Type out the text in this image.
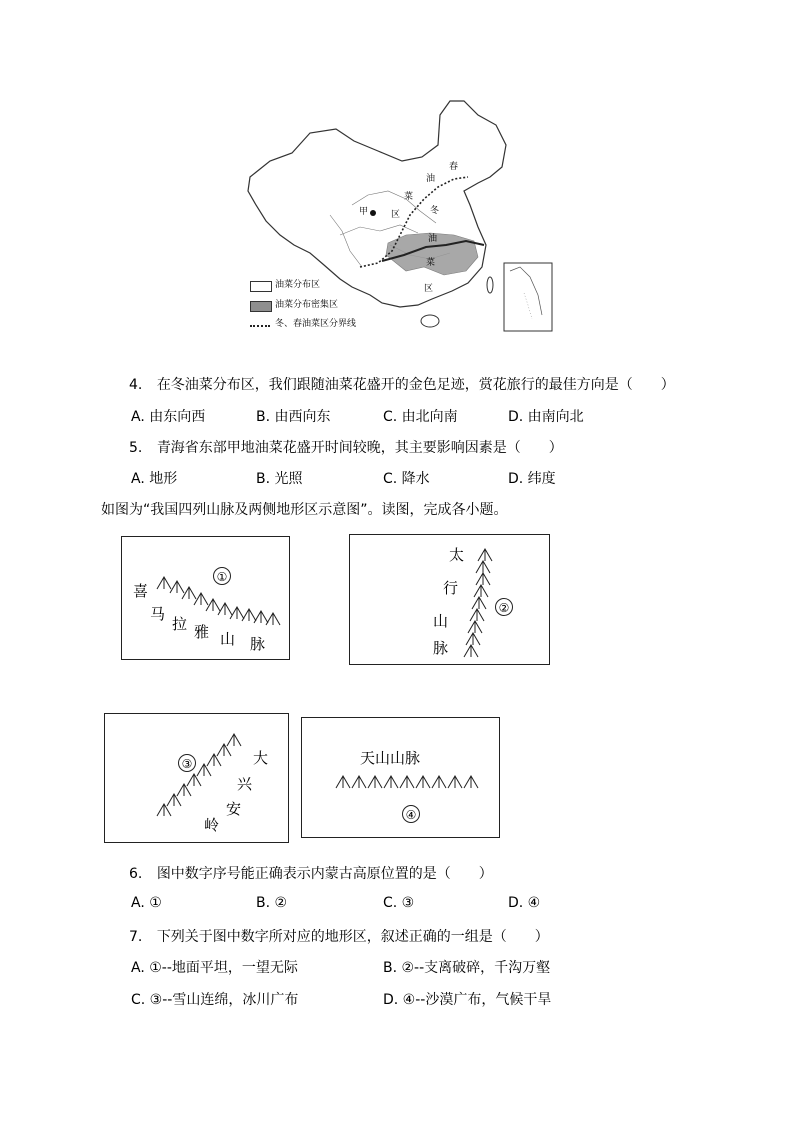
春
油
菜
冬
甲	区
油
菜
区
油菜分布区
油菜分布密集区
冬、春油菜区分界线
4. 在冬油菜分布区，我们跟随油菜花盛开的金色足迹，赏花旅行的最佳方向是（　　）
A. 由东向西	B. 由西向东	C. 由北向南	D. 由南向北
5. 青海省东部甲地油菜花盛开时间较晚，其主要影响因素是（　　）
A. 地形	B. 光照	C. 降水	D. 纬度
如图为“我国四列山脉及两侧地形区示意图”。读图，完成各小题。
喜
马
拉 雅 山 脉
①
太
行
山
脉
②
大
兴
安
岭
③	天山山脉
④
6. 图中数字序号能正确表示内蒙古高原位置的是（　　）
A. ①	B. ②	C. ③	D. ④
7. 下列关于图中数字所对应的地形区，叙述正确的一组是（　　）
A. ①--地面平坦，一望无际	B. ②--支离破碎，千沟万壑
C. ③--雪山连绵，冰川广布	D. ④--沙漠广布，气候干旱
